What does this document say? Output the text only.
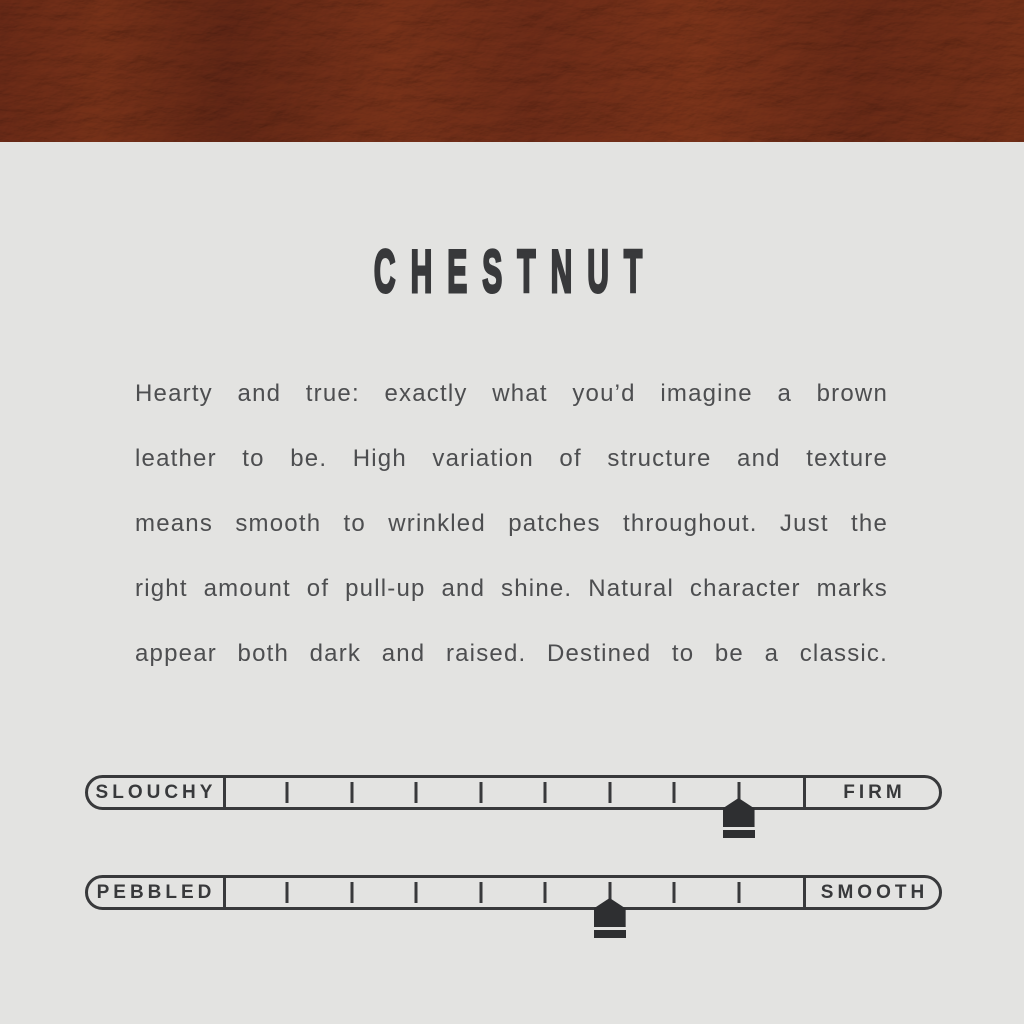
CHESTNUT
Hearty and true: exactly what you’d imagine a brown
leather to be. High variation of structure and texture
means smooth to wrinkled patches throughout. Just the
right amount of pull-up and shine. Natural character marks
appear both dark and raised. Destined to be a classic.
SLOUCHY	FIRM
PEBBLED	SMOOTH
